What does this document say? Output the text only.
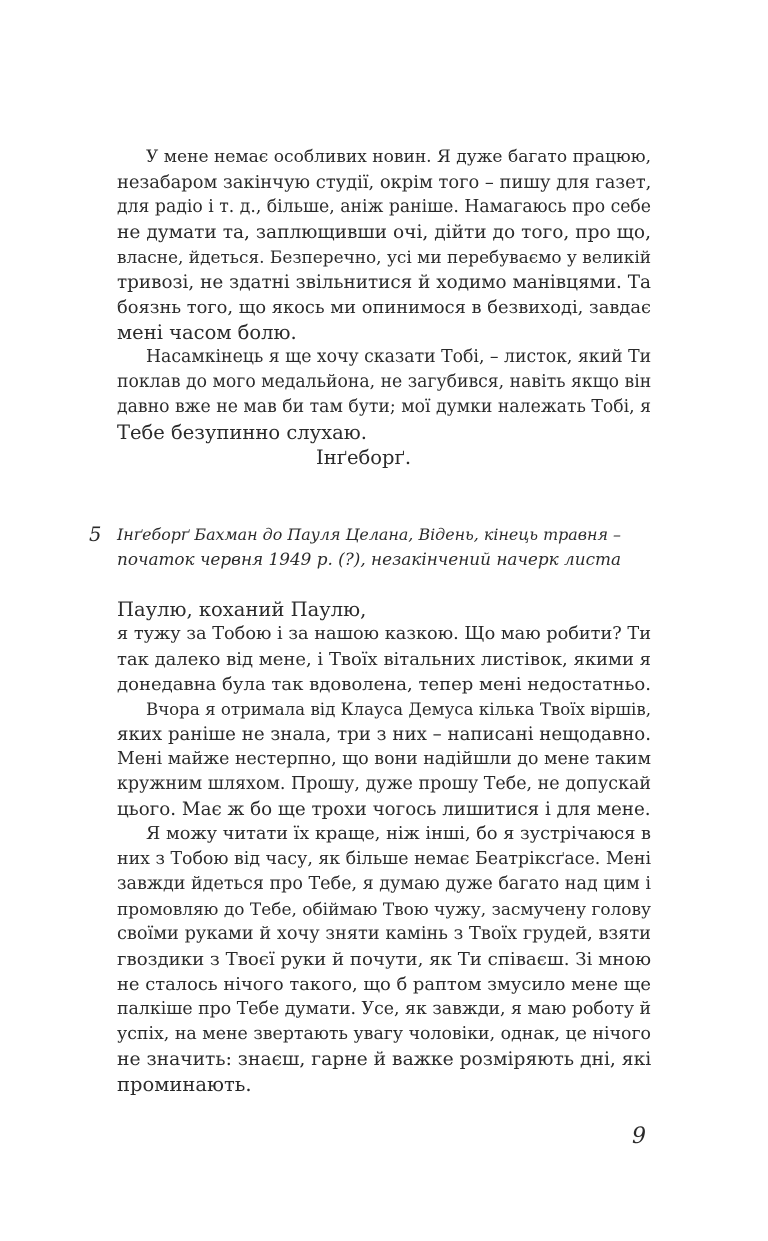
У мене немає особливих новин. Я дуже багато працюю,
незабаром закінчую студії, окрім того – пишу для газет,
для радіо і т. д., більше, аніж раніше. Намагаюсь про себе
не думати та, заплющивши очі, дійти до того, про що,
власне, йдеться. Безперечно, усі ми перебуваємо у великій
тривозі, не здатні звільнитися й ходимо манівцями. Та
боязнь того, що якось ми опинимося в безвиході, завдає
мені часом болю.
Насамкінець я ще хочу сказати Тобі, – листок, який Ти
поклав до мого медальйона, не загубився, навіть якщо він
давно вже не мав би там бути; мої думки належать Тобі, я
Тебе безупинно слухаю.
Інґеборґ.
5 Інґеборґ Бахман до Пауля Целана, Відень, кінець травня –
початок червня 1949 р. (?), незакінчений начерк листа
Паулю, коханий Паулю,
я тужу за Тобою і за нашою казкою. Що маю робити? Ти
так далеко від мене, і Твоїх вітальних листівок, якими я
донедавна була так вдоволена, тепер мені недостатньо.
Вчора я отримала від Клауса Демуса кілька Твоїх віршів,
яких раніше не знала, три з них – написані нещодавно.
Мені майже нестерпно, що вони надійшли до мене таким
кружним шляхом. Прошу, дуже прошу Тебе, не допускай
цього. Має ж бо ще трохи чогось лишитися і для мене.
Я можу читати їх краще, ніж інші, бо я зустрічаюся в
них з Тобою від часу, як більше немає Беатріксґасе. Мені
завжди йдеться про Тебе, я думаю дуже багато над цим і
промовляю до Тебе, обіймаю Твою чужу, засмучену голову
своїми руками й хочу зняти камінь з Твоїх грудей, взяти
гвоздики з Твоєї руки й почути, як Ти співаєш. Зі мною
не сталось нічого такого, що б раптом змусило мене ще
палкіше про Тебе думати. Усе, як завжди, я маю роботу й
успіх, на мене звертають увагу чоловіки, однак, це нічого
не значить: знаєш, гарне й важке розміряють дні, які
проминають.
9
